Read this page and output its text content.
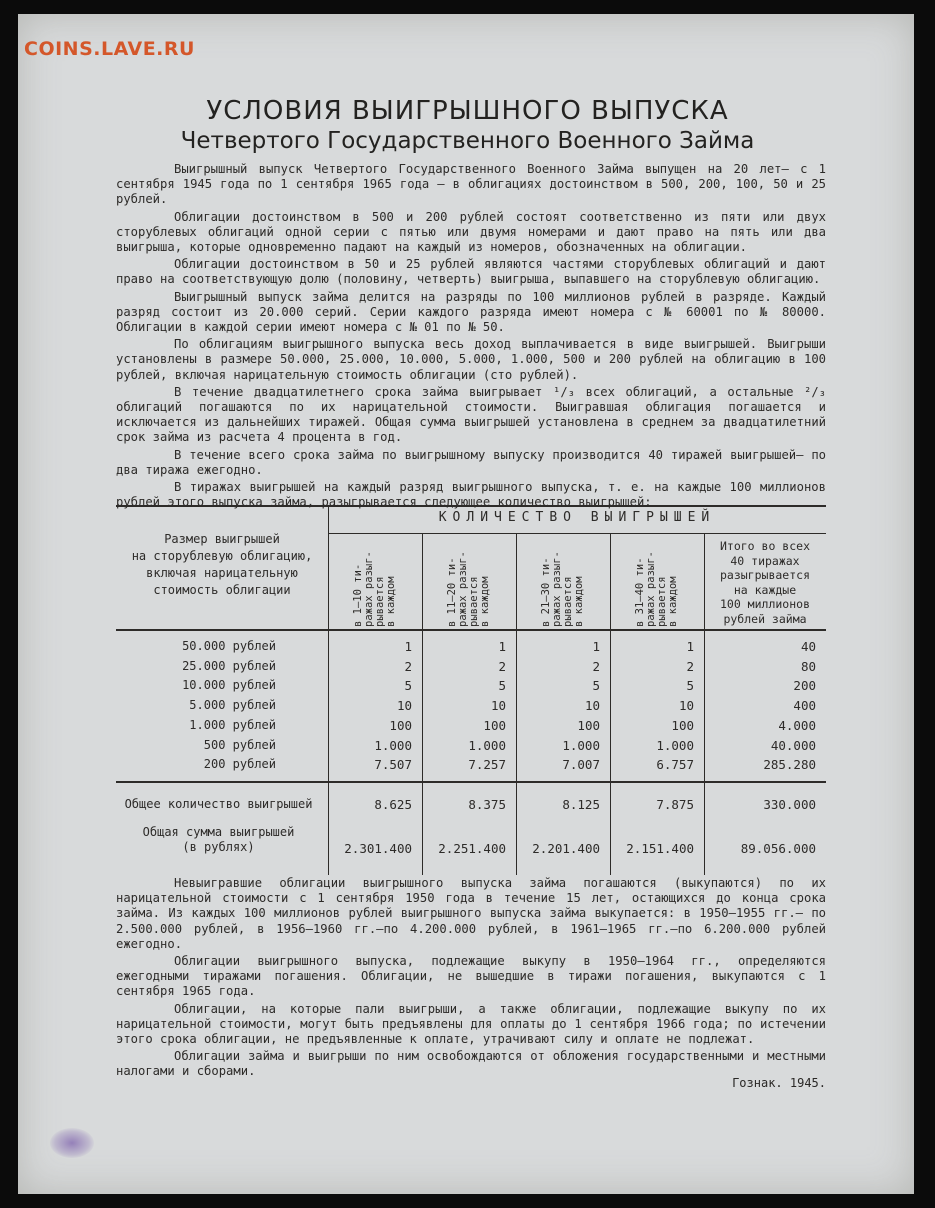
COINS.LAVE.RU
УСЛОВИЯ ВЫИГРЫШНОГО ВЫПУСКА
Четвертого Государственного Военного Займа

Выигрышный выпуск Четвертого Государственного Военного Займа выпущен на 20 лет— с 1 сентября 1945 года по 1 сентября 1965 года — в облигациях достоинством в 500, 200, 100, 50 и 25 рублей.

Облигации достоинством в 500 и 200 рублей состоят соответственно из пяти или двух сторублевых облигаций одной серии с пятью или двумя номерами и дают право на пять или два выигрыша, которые одновременно падают на каждый из номеров, обозначенных на облигации.

Облигации достоинством в 50 и 25 рублей являются частями сторублевых облигаций и дают право на соответствующую долю (половину, четверть) выигрыша, выпавшего на сторублевую облигацию.

Выигрышный выпуск займа делится на разряды по 100 миллионов рублей в разряде. Каждый разряд состоит из 20.000 серий. Серии каждого разряда имеют номера с № 60001 по № 80000. Облигации в каждой серии имеют номера с № 01 по № 50.

По облигациям выигрышного выпуска весь доход выплачивается в виде выигрышей. Выигрыши установлены в размере 50.000, 25.000, 10.000, 5.000, 1.000, 500 и 200 рублей на облигацию в 100 рублей, включая нарицательную стоимость облигации (сто рублей).

В течение двадцатилетнего срока займа выигрывает ¹/₃ всех облигаций, а остальные ²/₃ облигаций погашаются по их нарицательной стоимости. Выигравшая облигация погашается и исключается из дальнейших тиражей. Общая сумма выигрышей установлена в среднем за двадцатилетний срок займа из расчета 4 процента в год.

В течение всего срока займа по выигрышному выпуску производится 40 тиражей выигрышей— по два тиража ежегодно.

В тиражах выигрышей на каждый разряд выигрышного выпуска, т. е. на каждые 100 миллионов рублей этого выпуска займа, разыгрывается следующее количество выигрышей:

Размер выигрышей
на сторублевую облигацию,
включая нарицательную
стоимость облигации
КОЛИЧЕСТВО ВЫИГРЫШЕЙ
в 1—10 ти-
ражах разыг-
рывается
в каждом
в 11—20 ти-
ражах разыг-
рывается
в каждом
в 21—30 ти-
ражах разыг-
рывается
в каждом
в 31—40 ти-
ражах разыг-
рывается
в каждом
Итого во всех
40 тиражах
разыгрывается
на каждые
100 миллионов
рублей займа
50.000 рублей	1	1	1	1	40
25.000 рублей	2	2	2	2	80
10.000 рублей	5	5	5	5	200
5.000 рублей	10	10	10	10	400
1.000 рублей	100	100	100	100	4.000
500 рублей	1.000	1.000	1.000	1.000	40.000
200 рублей	7.507	7.257	7.007	6.757	285.280
Общее количество выигрышей	8.625	8.375	8.125	7.875	330.000
Общая сумма выигрышей
(в рублях)	2.301.400	2.251.400	2.201.400	2.151.400	89.056.000

Невыигравшие облигации выигрышного выпуска займа погашаются (выкупаются) по их нарицательной стоимости с 1 сентября 1950 года в течение 15 лет, остающихся до конца срока займа. Из каждых 100 миллионов рублей выигрышного выпуска займа выкупается: в 1950—1955 гг.— по 2.500.000 рублей, в 1956—1960 гг.—по 4.200.000 рублей, в 1961—1965 гг.—по 6.200.000 рублей ежегодно.

Облигации выигрышного выпуска, подлежащие выкупу в 1950—1964 гг., определяются ежегодными тиражами погашения. Облигации, не вышедшие в тиражи погашения, выкупаются с 1 сентября 1965 года.

Облигации, на которые пали выигрыши, а также облигации, подлежащие выкупу по их нарицательной стоимости, могут быть предъявлены для оплаты до 1 сентября 1966 года; по истечении этого срока облигации, не предъявленные к оплате, утрачивают силу и оплате не подлежат.

Облигации займа и выигрыши по ним освобождаются от обложения государственными и местными налогами и сборами.

Гознак. 1945.
